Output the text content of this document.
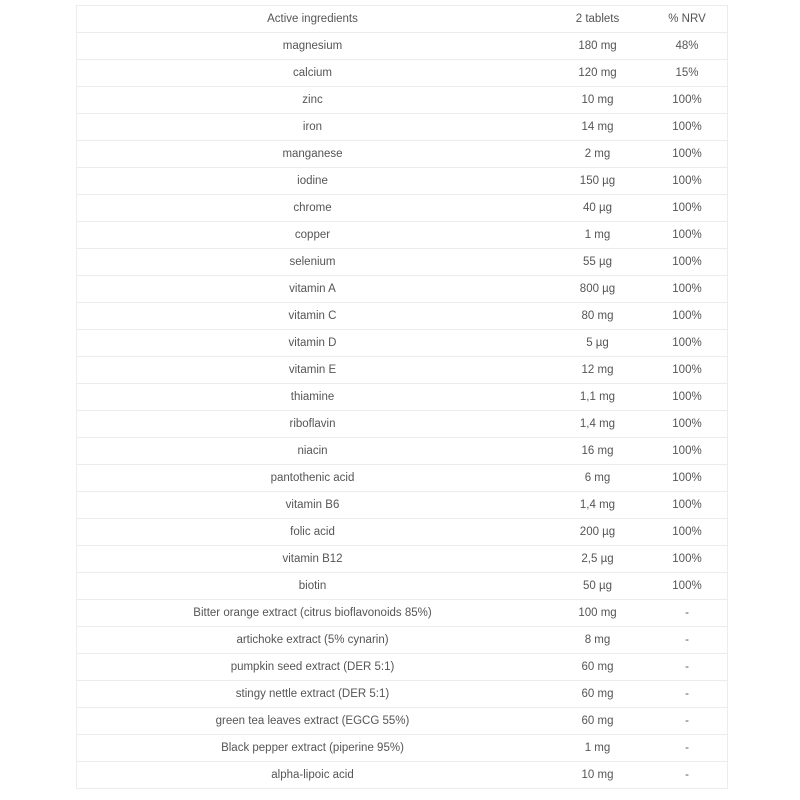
Active ingredients	2 tablets	% NRV
magnesium	180 mg	48%
calcium	120 mg	15%
zinc	10 mg	100%
iron	14 mg	100%
manganese	2 mg	100%
iodine	150 µg	100%
chrome	40 µg	100%
copper	1 mg	100%
selenium	55 µg	100%
vitamin A	800 µg	100%
vitamin C	80 mg	100%
vitamin D	5 µg	100%
vitamin E	12 mg	100%
thiamine	1,1 mg	100%
riboflavin	1,4 mg	100%
niacin	16 mg	100%
pantothenic acid	6 mg	100%
vitamin B6	1,4 mg	100%
folic acid	200 µg	100%
vitamin B12	2,5 µg	100%
biotin	50 µg	100%
Bitter orange extract (citrus bioflavonoids 85%)	100 mg	-
artichoke extract (5% cynarin)	8 mg	-
pumpkin seed extract (DER 5:1)	60 mg	-
stingy nettle extract (DER 5:1)	60 mg	-
green tea leaves extract (EGCG 55%)	60 mg	-
Black pepper extract (piperine 95%)	1 mg	-
alpha-lipoic acid	10 mg	-
